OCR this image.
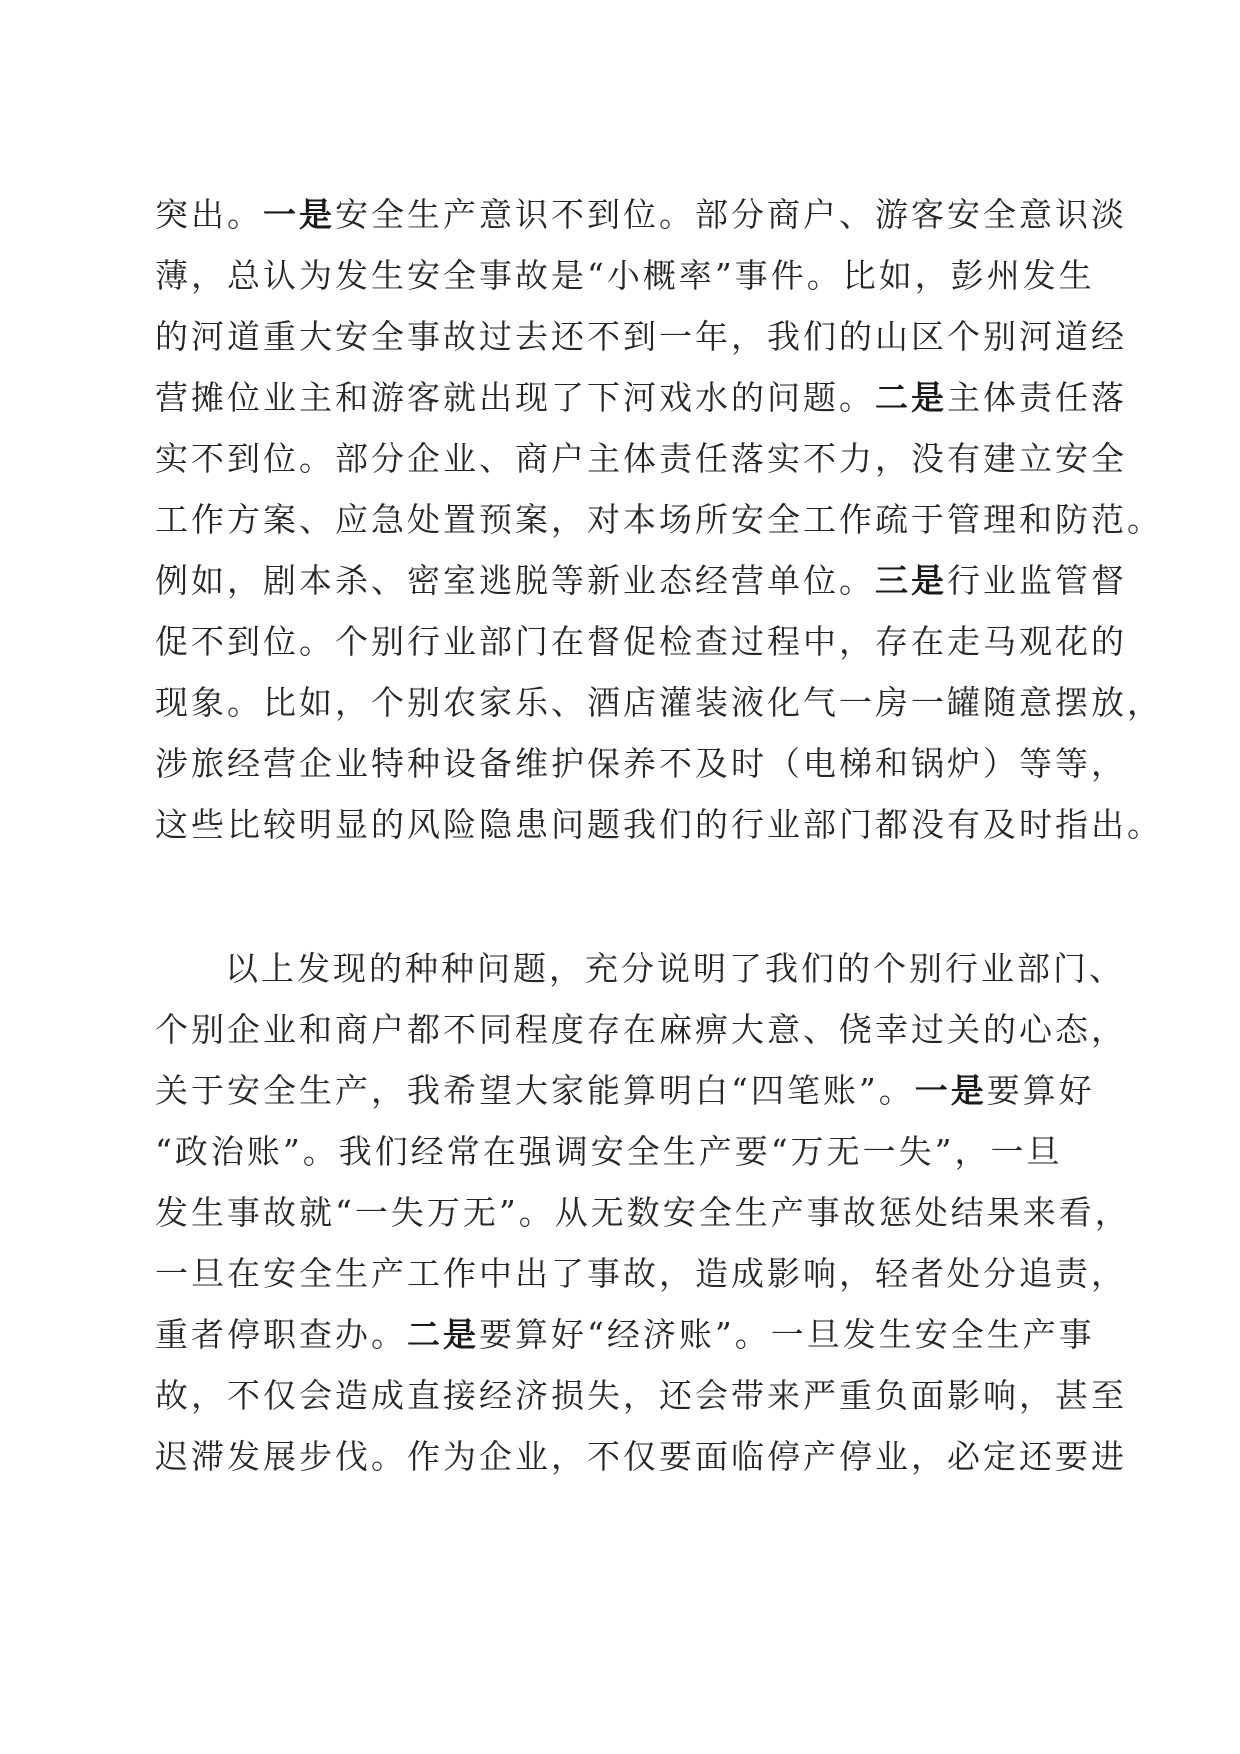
突出。一是安全生产意识不到位。部分商户、游客安全意识淡
薄，总认为发生安全事故是“小概率”事件。比如，彭州发生
的河道重大安全事故过去还不到一年，我们的山区个别河道经
营摊位业主和游客就出现了下河戏水的问题。二是主体责任落
实不到位。部分企业、商户主体责任落实不力，没有建立安全
工作方案、应急处置预案，对本场所安全工作疏于管理和防范。
例如，剧本杀、密室逃脱等新业态经营单位。三是行业监管督
促不到位。个别行业部门在督促检查过程中，存在走马观花的
现象。比如，个别农家乐、酒店灌装液化气一房一罐随意摆放，
涉旅经营企业特种设备维护保养不及时（电梯和锅炉）等等，
这些比较明显的风险隐患问题我们的行业部门都没有及时指出。
以上发现的种种问题，充分说明了我们的个别行业部门、
个别企业和商户都不同程度存在麻痹大意、侥幸过关的心态，
关于安全生产，我希望大家能算明白“四笔账”。一是要算好
“政治账”。我们经常在强调安全生产要“万无一失”，一旦
发生事故就“一失万无”。从无数安全生产事故惩处结果来看，
一旦在安全生产工作中出了事故，造成影响，轻者处分追责，
重者停职查办。二是要算好“经济账”。一旦发生安全生产事
故，不仅会造成直接经济损失，还会带来严重负面影响，甚至
迟滞发展步伐。作为企业，不仅要面临停产停业，必定还要进
